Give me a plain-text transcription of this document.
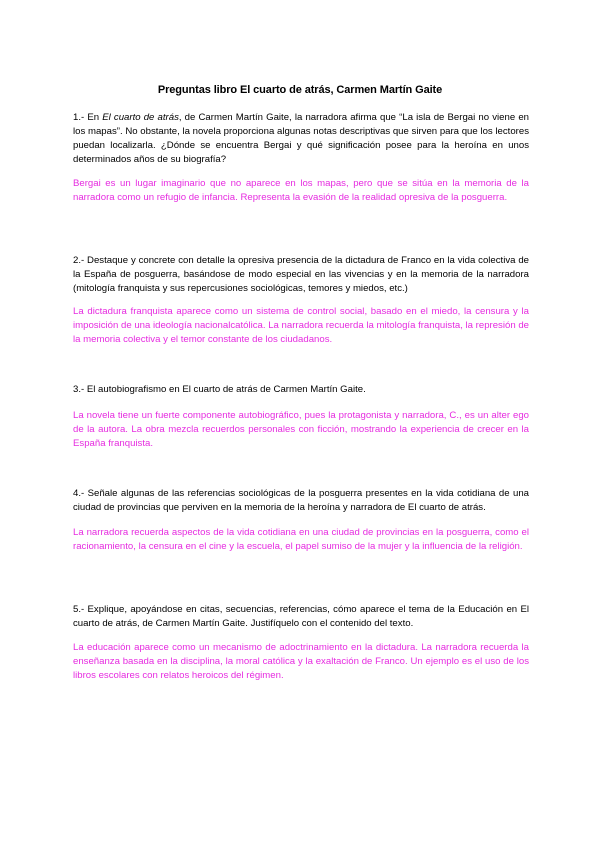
Preguntas libro El cuarto de atrás, Carmen Martín Gaite
1.- En El cuarto de atrás, de Carmen Martín Gaite, la narradora afirma que “La isla de Bergai no viene en los mapas”. No obstante, la novela proporciona algunas notas descriptivas que sirven para que los lectores puedan localizarla. ¿Dónde se encuentra Bergai y qué significación posee para la heroína en unos determinados años de su biografía?
Bergai es un lugar imaginario que no aparece en los mapas, pero que se sitúa en la memoria de la narradora como un refugio de infancia. Representa la evasión de la realidad opresiva de la posguerra.
2.- Destaque y concrete con detalle la opresiva presencia de la dictadura de Franco en la vida colectiva de la España de posguerra, basándose de modo especial en las vivencias y en la memoria de la narradora (mitología franquista y sus repercusiones sociológicas, temores y miedos, etc.)
La dictadura franquista aparece como un sistema de control social, basado en el miedo, la censura y la imposición de una ideología nacionalcatólica. La narradora recuerda la mitología franquista, la represión de la memoria colectiva y el temor constante de los ciudadanos.
3.- El autobiografismo en El cuarto de atrás de Carmen Martín Gaite.
La novela tiene un fuerte componente autobiográfico, pues la protagonista y narradora, C., es un alter ego de la autora. La obra mezcla recuerdos personales con ficción, mostrando la experiencia de crecer en la España franquista.
4.- Señale algunas de las referencias sociológicas de la posguerra presentes en la vida cotidiana de una ciudad de provincias que perviven en la memoria de la heroína y narradora de El cuarto de atrás.
La narradora recuerda aspectos de la vida cotidiana en una ciudad de provincias en la posguerra, como el racionamiento, la censura en el cine y la escuela, el papel sumiso de la mujer y la influencia de la religión.
5.- Explique, apoyándose en citas, secuencias, referencias, cómo aparece el tema de la Educación en El cuarto de atrás, de Carmen Martín Gaite. Justifíquelo con el contenido del texto.
La educación aparece como un mecanismo de adoctrinamiento en la dictadura. La narradora recuerda la enseñanza basada en la disciplina, la moral católica y la exaltación de Franco. Un ejemplo es el uso de los libros escolares con relatos heroicos del régimen.
